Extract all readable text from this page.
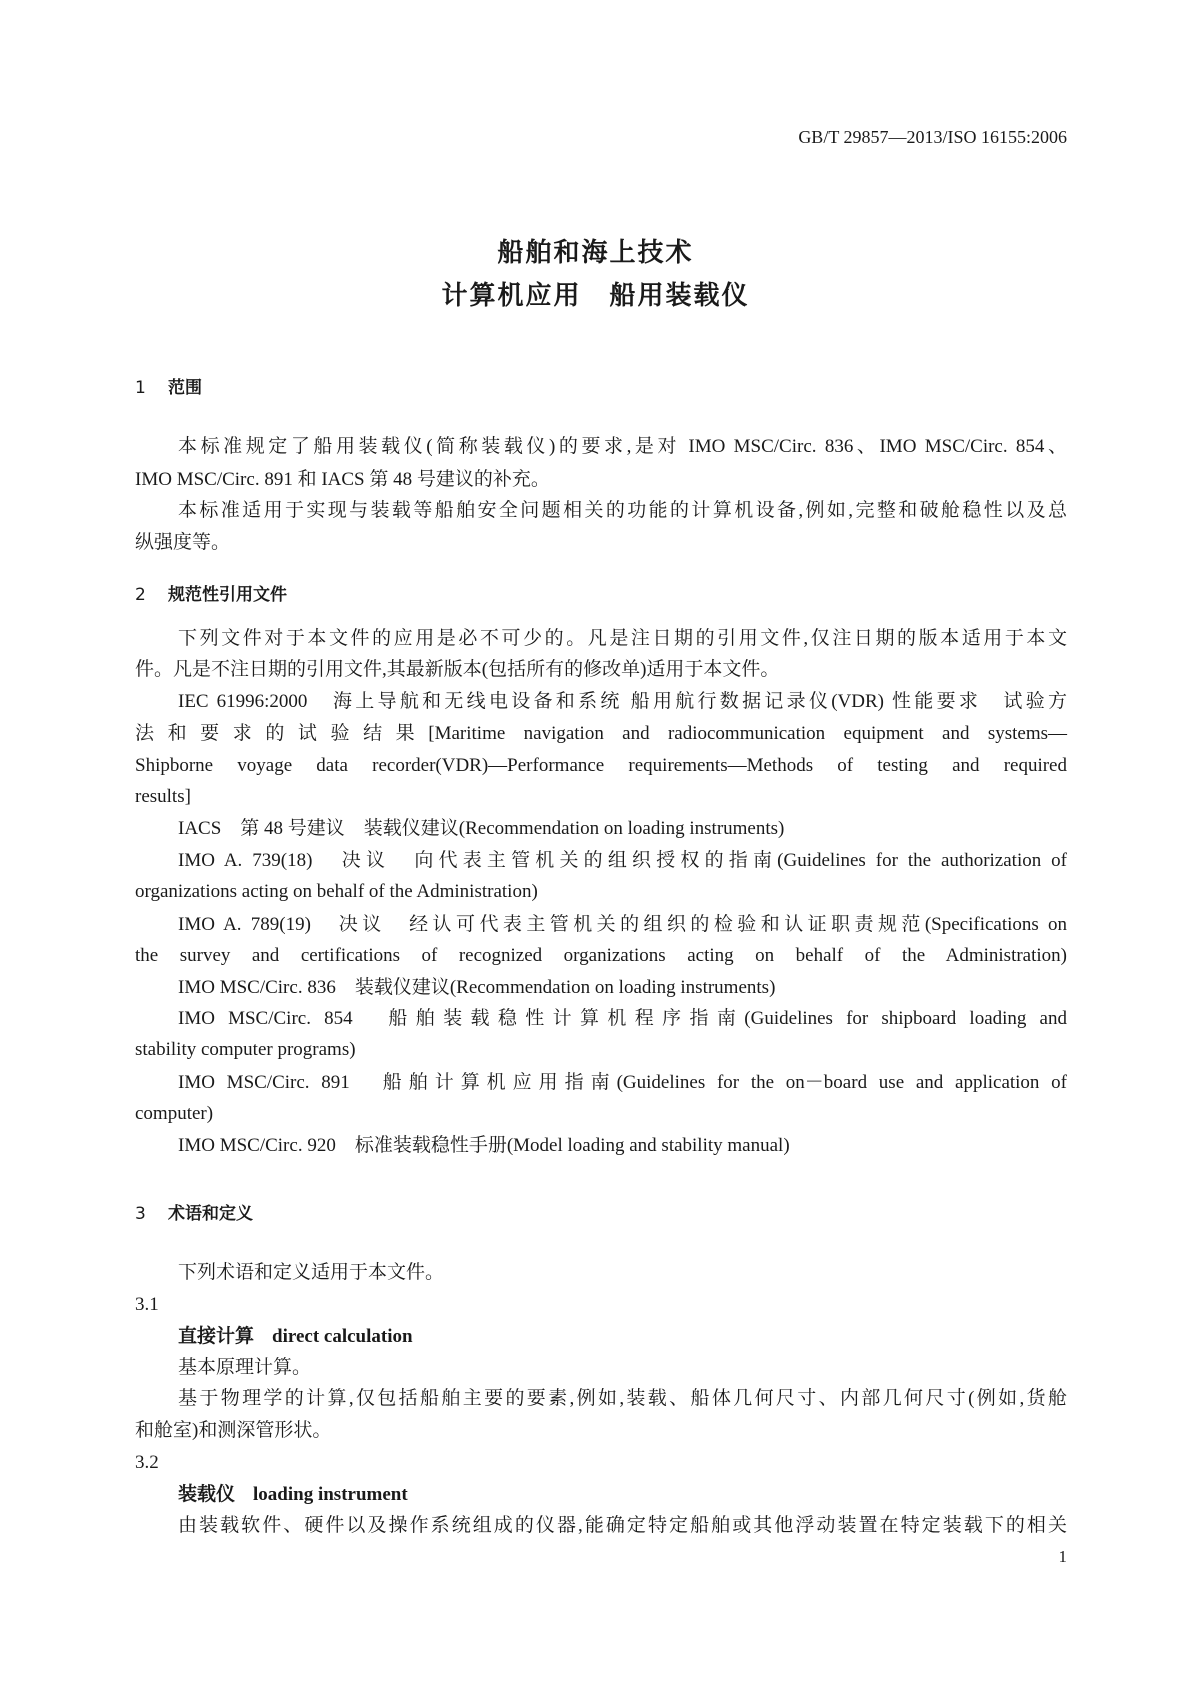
GB/T 29857—2013/ISO 16155:2006
船舶和海上技术
计算机应用　船用装载仪
1 范围
本标准规定了船用装载仪(简称装载仪)的要求,是对 IMO MSC/Circ. 836、IMO MSC/Circ. 854、
IMO MSC/Circ. 891 和 IACS 第 48 号建议的补充。
本标准适用于实现与装载等船舶安全问题相关的功能的计算机设备,例如,完整和破舱稳性以及总
纵强度等。
2 规范性引用文件
下列文件对于本文件的应用是必不可少的。凡是注日期的引用文件,仅注日期的版本适用于本文
件。凡是不注日期的引用文件,其最新版本(包括所有的修改单)适用于本文件。
IEC 61996:2000　海上导航和无线电设备和系统 船用航行数据记录仪(VDR) 性能要求　试验方
法和要求的试验结果[Maritime navigation and radiocommunication equipment and systems—
Shipborne voyage data recorder(VDR)—Performance requirements—Methods of testing and required
results]
IACS　第 48 号建议　装载仪建议(Recommendation on loading instruments)
IMO A. 739(18)　决议　向代表主管机关的组织授权的指南(Guidelines for the authorization of
organizations acting on behalf of the Administration)
IMO A. 789(19)　决议　经认可代表主管机关的组织的检验和认证职责规范(Specifications on
the survey and certifications of recognized organizations acting on behalf of the Administration)
IMO MSC/Circ. 836　装载仪建议(Recommendation on loading instruments)
IMO MSC/Circ. 854　船舶装载稳性计算机程序指南(Guidelines for shipboard loading and
stability computer programs)
IMO MSC/Circ. 891　船舶计算机应用指南(Guidelines for the on－board use and application of
computer)
IMO MSC/Circ. 920　标准装载稳性手册(Model loading and stability manual)
3 术语和定义
下列术语和定义适用于本文件。
3.1
直接计算 direct calculation
基本原理计算。
基于物理学的计算,仅包括船舶主要的要素,例如,装载、船体几何尺寸、内部几何尺寸(例如,货舱
和舱室)和测深管形状。
3.2
装载仪 loading instrument
由装载软件、硬件以及操作系统组成的仪器,能确定特定船舶或其他浮动装置在特定装载下的相关
1
